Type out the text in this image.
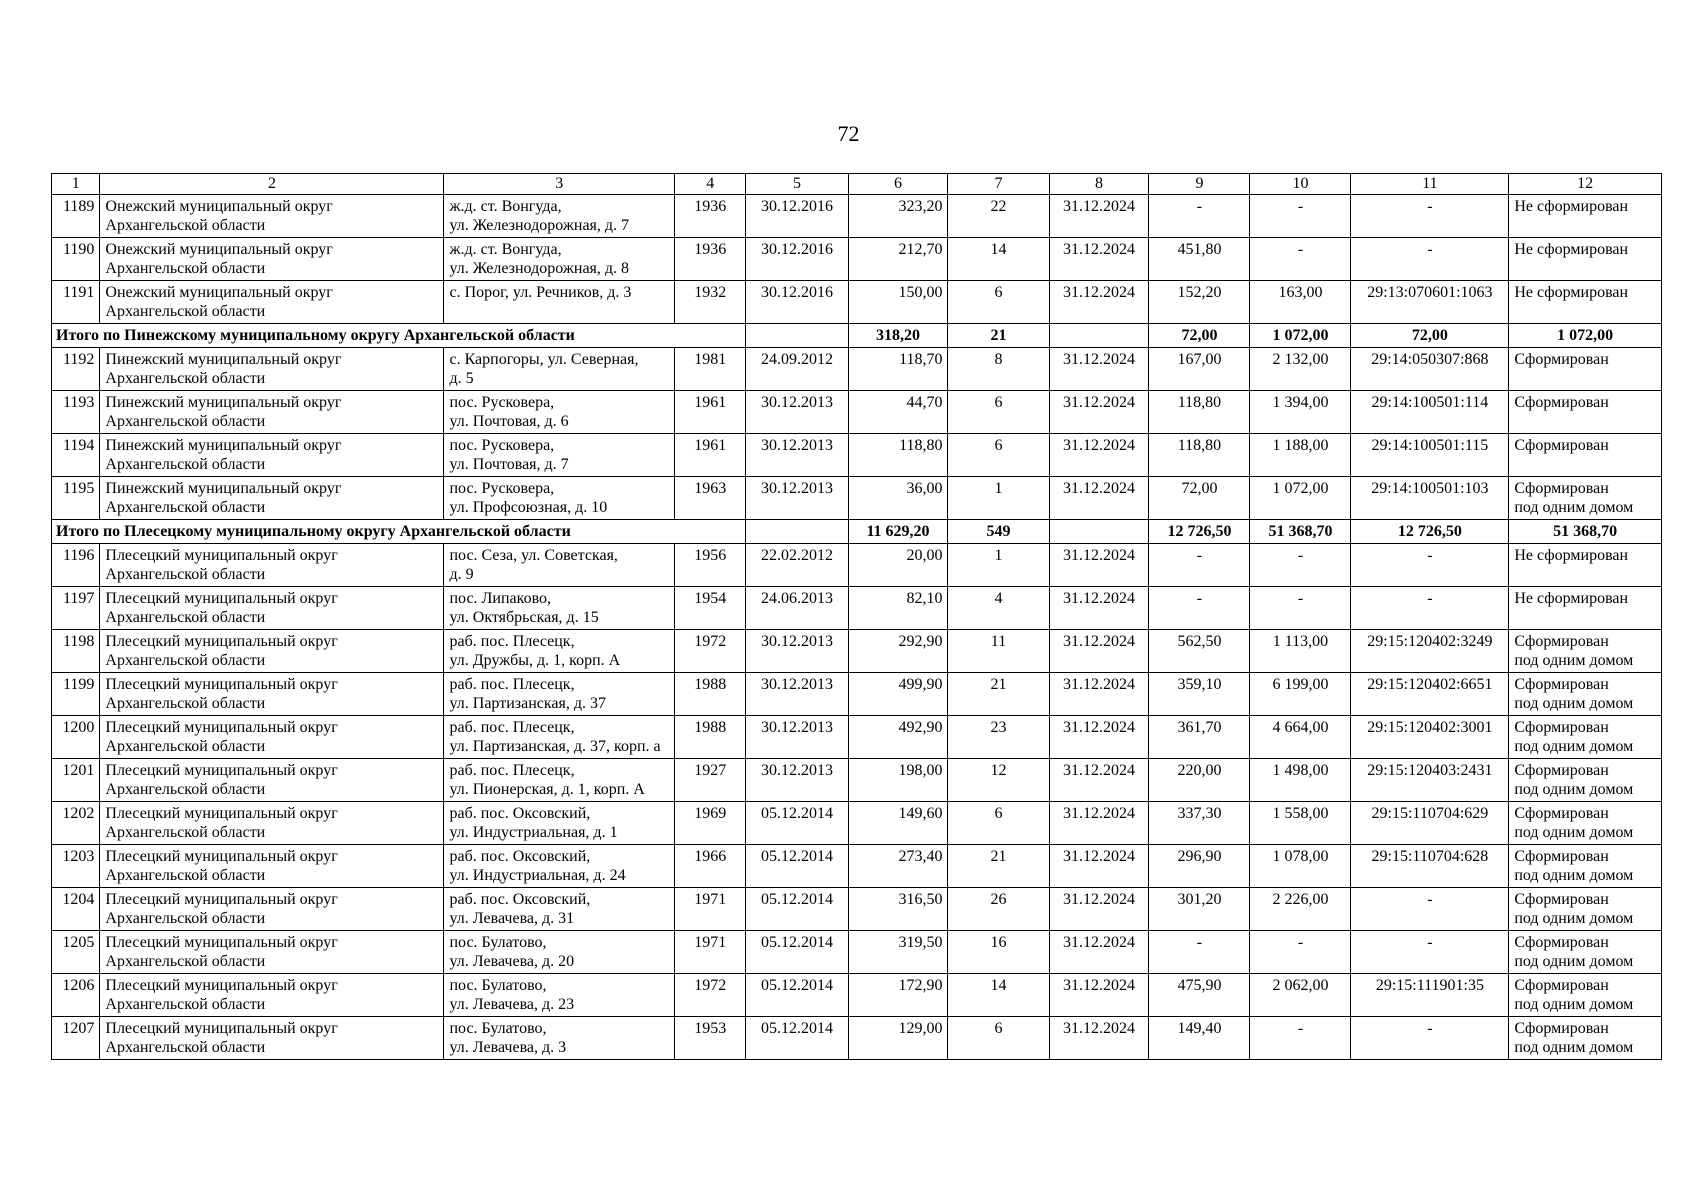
72
1	2	3	4	5	6	7	8	9	10	11	12
1189	Онежский муниципальный округ
Архангельской области	ж.д. ст. Вонгуда,
ул. Железнодорожная, д. 7	1936	30.12.2016	323,20	22	31.12.2024	-	-	-	Не сформирован
1190	Онежский муниципальный округ
Архангельской области	ж.д. ст. Вонгуда,
ул. Железнодорожная, д. 8	1936	30.12.2016	212,70	14	31.12.2024	451,80	-	-	Не сформирован
1191	Онежский муниципальный округ
Архангельской области	с. Порог, ул. Речников, д. 3	1932	30.12.2016	150,00	6	31.12.2024	152,20	163,00	29:13:070601:1063	Не сформирован
Итого по Пинежскому муниципальному округу Архангельской области					318,20	21		72,00	1 072,00	72,00	1 072,00
1192	Пинежский муниципальный округ
Архангельской области	с. Карпогоры, ул. Северная,
д. 5	1981	24.09.2012	118,70	8	31.12.2024	167,00	2 132,00	29:14:050307:868	Сформирован
1193	Пинежский муниципальный округ
Архангельской области	пос. Русковера,
ул. Почтовая, д. 6	1961	30.12.2013	44,70	6	31.12.2024	118,80	1 394,00	29:14:100501:114	Сформирован
1194	Пинежский муниципальный округ
Архангельской области	пос. Русковера,
ул. Почтовая, д. 7	1961	30.12.2013	118,80	6	31.12.2024	118,80	1 188,00	29:14:100501:115	Сформирован
1195	Пинежский муниципальный округ
Архангельской области	пос. Русковера,
ул. Профсоюзная, д. 10	1963	30.12.2013	36,00	1	31.12.2024	72,00	1 072,00	29:14:100501:103	Сформирован
под одним домом
Итого по Плесецкому муниципальному округу Архангельской области					11 629,20	549		12 726,50	51 368,70	12 726,50	51 368,70
1196	Плесецкий муниципальный округ
Архангельской области	пос. Сеза, ул. Советская,
д. 9	1956	22.02.2012	20,00	1	31.12.2024	-	-	-	Не сформирован
1197	Плесецкий муниципальный округ
Архангельской области	пос. Липаково,
ул. Октябрьская, д. 15	1954	24.06.2013	82,10	4	31.12.2024	-	-	-	Не сформирован
1198	Плесецкий муниципальный округ
Архангельской области	раб. пос. Плесецк,
ул. Дружбы, д. 1, корп. А	1972	30.12.2013	292,90	11	31.12.2024	562,50	1 113,00	29:15:120402:3249	Сформирован
под одним домом
1199	Плесецкий муниципальный округ
Архангельской области	раб. пос. Плесецк,
ул. Партизанская, д. 37	1988	30.12.2013	499,90	21	31.12.2024	359,10	6 199,00	29:15:120402:6651	Сформирован
под одним домом
1200	Плесецкий муниципальный округ
Архангельской области	раб. пос. Плесецк,
ул. Партизанская, д. 37, корп. а	1988	30.12.2013	492,90	23	31.12.2024	361,70	4 664,00	29:15:120402:3001	Сформирован
под одним домом
1201	Плесецкий муниципальный округ
Архангельской области	раб. пос. Плесецк,
ул. Пионерская, д. 1, корп. А	1927	30.12.2013	198,00	12	31.12.2024	220,00	1 498,00	29:15:120403:2431	Сформирован
под одним домом
1202	Плесецкий муниципальный округ
Архангельской области	раб. пос. Оксовский,
ул. Индустриальная, д. 1	1969	05.12.2014	149,60	6	31.12.2024	337,30	1 558,00	29:15:110704:629	Сформирован
под одним домом
1203	Плесецкий муниципальный округ
Архангельской области	раб. пос. Оксовский,
ул. Индустриальная, д. 24	1966	05.12.2014	273,40	21	31.12.2024	296,90	1 078,00	29:15:110704:628	Сформирован
под одним домом
1204	Плесецкий муниципальный округ
Архангельской области	раб. пос. Оксовский,
ул. Левачева, д. 31	1971	05.12.2014	316,50	26	31.12.2024	301,20	2 226,00	-	Сформирован
под одним домом
1205	Плесецкий муниципальный округ
Архангельской области	пос. Булатово,
ул. Левачева, д. 20	1971	05.12.2014	319,50	16	31.12.2024	-	-	-	Сформирован
под одним домом
1206	Плесецкий муниципальный округ
Архангельской области	пос. Булатово,
ул. Левачева, д. 23	1972	05.12.2014	172,90	14	31.12.2024	475,90	2 062,00	29:15:111901:35	Сформирован
под одним домом
1207	Плесецкий муниципальный округ
Архангельской области	пос. Булатово,
ул. Левачева, д. 3	1953	05.12.2014	129,00	6	31.12.2024	149,40	-	-	Сформирован
под одним домом
